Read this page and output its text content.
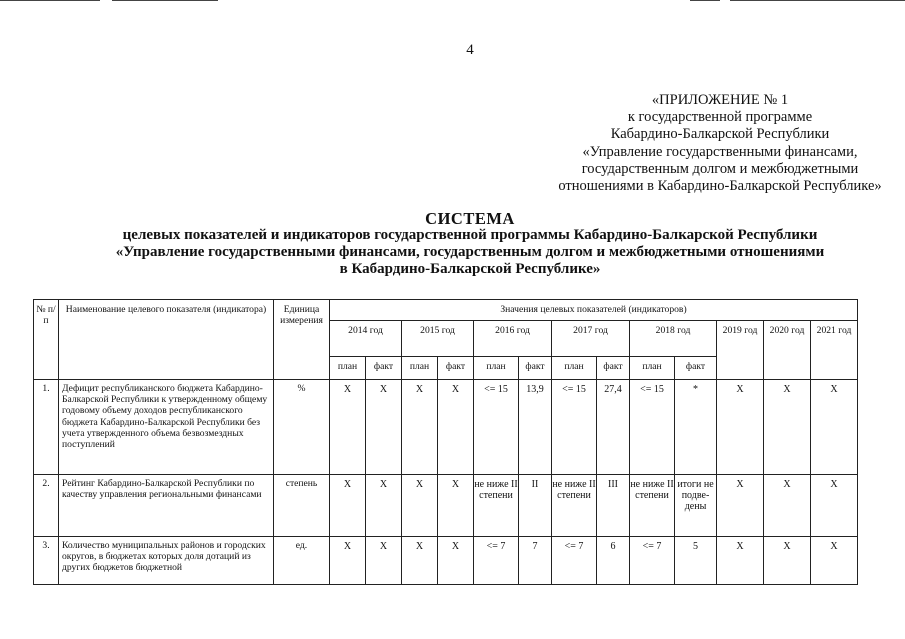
4
«ПРИЛОЖЕНИЕ № 1
к государственной программе
Кабардино-Балкарской Республики
«Управление государственными финансами,
государственным долгом и межбюджетными
отношениями в Кабардино-Балкарской Республике»
СИСТЕМА
целевых показателей и индикаторов государственной программы Кабардино-Балкарской Республики
«Управление государственными финансами, государственным долгом и межбюджетными отношениями
в Кабардино-Балкарской Республике»
№ п/п	Наименование целевого показателя (индикатора)	Единица измерения	Значения целевых показателей (индикаторов)												
			2014 год		2015 год		2016 год		2017 год		2018 год		2019 год	2020 год	2021 год
			план	факт	план	факт	план	факт	план	факт	план	факт			
1.	Дефицит республиканского бюджета Кабардино-Балкарской Республики к утвержденному общему годовому объему доходов республиканского бюджета Кабардино-Балкарской Республики без учета утвержденного объема безвозмездных поступлений	%	Х	Х	Х	Х	<= 15	13,9	<= 15	27,4	<= 15	*	Х	Х	Х
2.	Рейтинг Кабардино-Балкарской Республики по качеству управления региональными финансами	степень	Х	Х	Х	Х	не ниже II степени	II	не ниже II степени	III	не ниже II степени	итоги не подве-дены	Х	Х	Х
3.	Количество муниципальных районов и городских округов, в бюджетах которых доля дотаций из других бюджетов бюджетной	ед.	Х	Х	Х	Х	<= 7	7	<= 7	6	<= 7	5	Х	Х	Х
